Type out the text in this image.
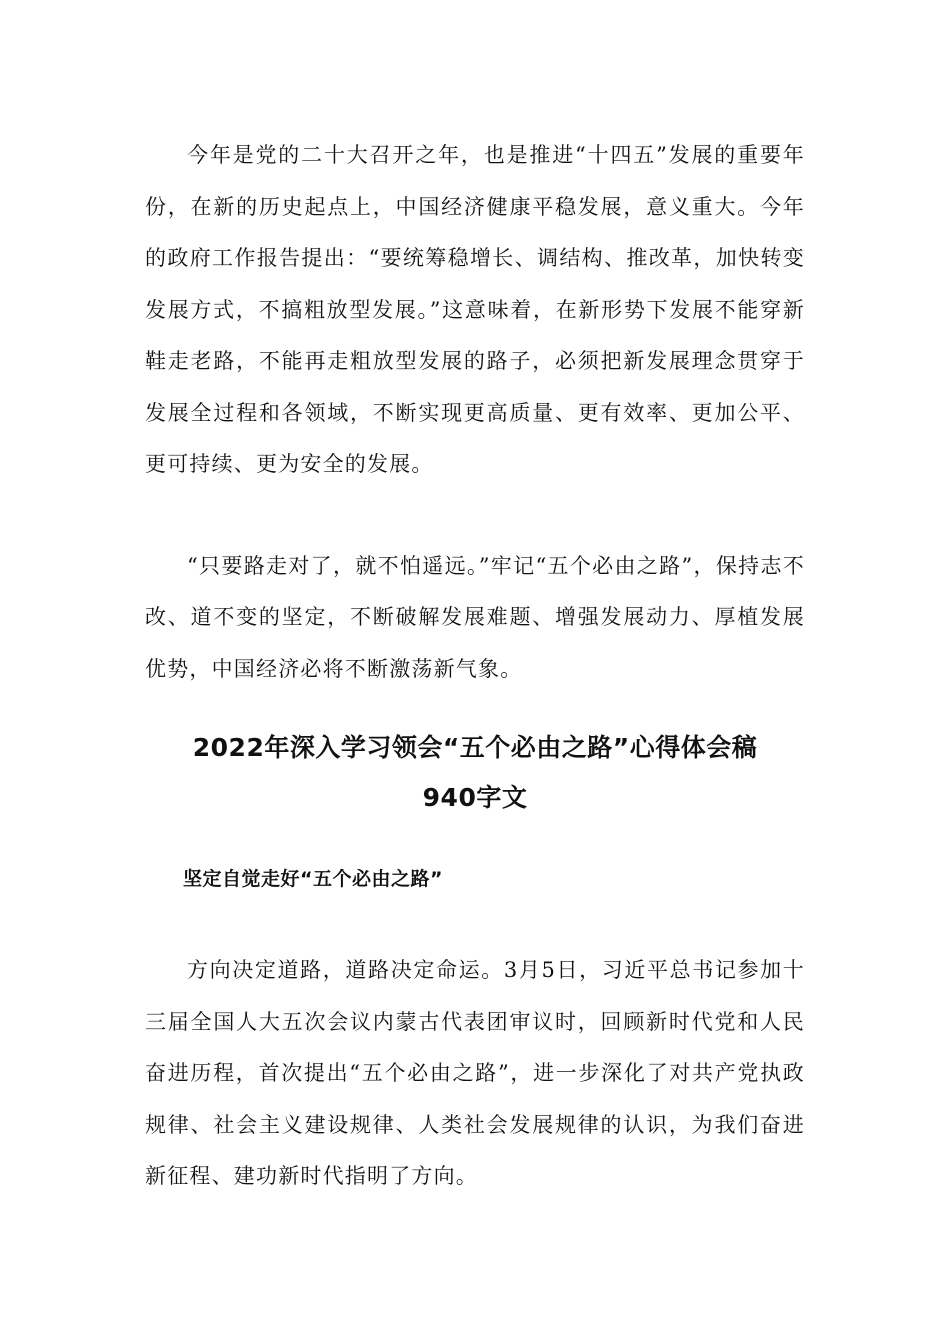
今年是党的二十大召开之年，也是推进“十四五”发展的重要年份，在新的历史起点上，中国经济健康平稳发展，意义重大。今年的政府工作报告提出：“要统筹稳增长、调结构、推改革，加快转变发展方式，不搞粗放型发展。”这意味着，在新形势下发展不能穿新鞋走老路，不能再走粗放型发展的路子，必须把新发展理念贯穿于发展全过程和各领域，不断实现更高质量、更有效率、更加公平、更可持续、更为安全的发展。

“只要路走对了，就不怕遥远。”牢记“五个必由之路”，保持志不改、道不变的坚定，不断破解发展难题、增强发展动力、厚植发展优势，中国经济必将不断激荡新气象。

2022年深入学习领会“五个必由之路”心得体会稿
940字文
坚定自觉走好“五个必由之路”

方向决定道路，道路决定命运。3月5日，习近平总书记参加十三届全国人大五次会议内蒙古代表团审议时，回顾新时代党和人民奋进历程，首次提出“五个必由之路”，进一步深化了对共产党执政规律、社会主义建设规律、人类社会发展规律的认识，为我们奋进新征程、建功新时代指明了方向。
